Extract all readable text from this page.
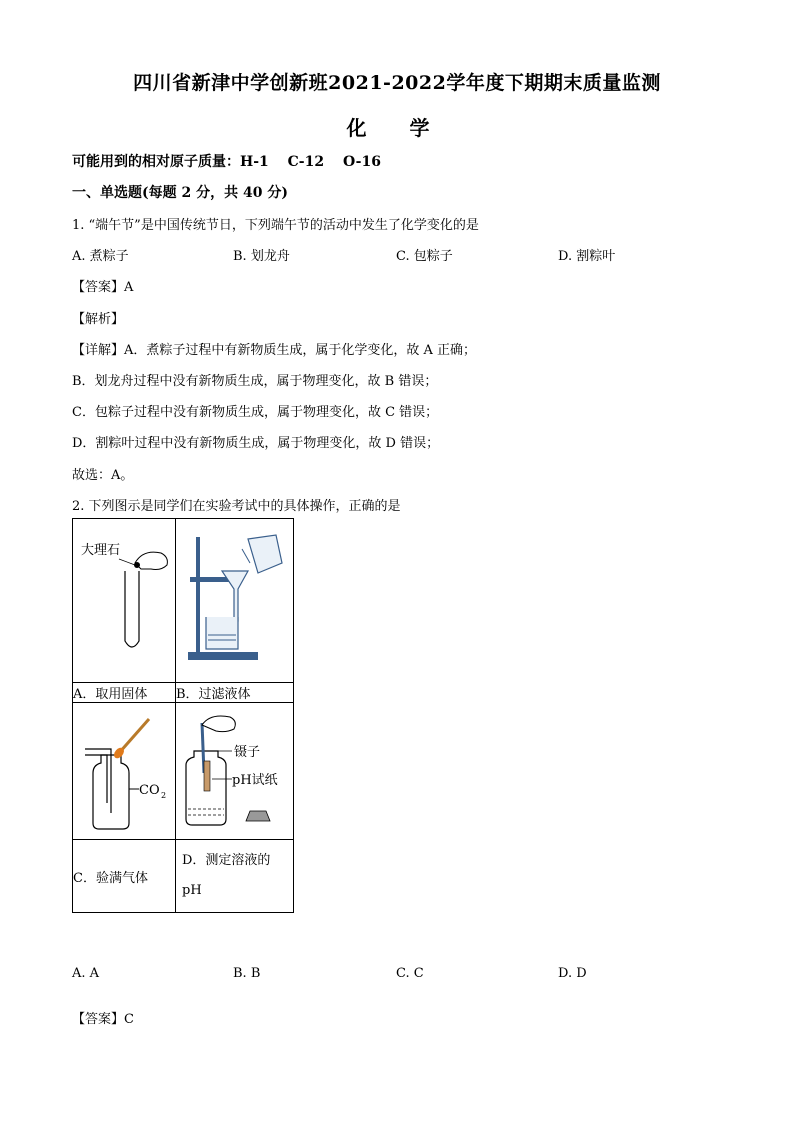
四川省新津中学创新班2021-2022学年度下期期末质量监测
化 学
可能用到的相对原子质量：H-1　 C-12　 O-16
一、单选题(每题 2 分，共 40 分)
1. “端午节”是中国传统节日，下列端午节的活动中发生了化学变化的是
A. 煮粽子	B. 划龙舟	C. 包粽子	D. 割粽叶
【答案】A
【解析】
【详解】A．煮粽子过程中有新物质生成，属于化学变化，故 A 正确；
B．划龙舟过程中没有新物质生成，属于物理变化，故 B 错误；
C．包粽子过程中没有新物质生成，属于物理变化，故 C 错误；
D．割粽叶过程中没有新物质生成，属于物理变化，故 D 错误；
故选：A。
2. 下列图示是同学们在实验考试中的具体操作，正确的是
大理石

A．取用固体	B．过滤液体

CO 2	镊子
pH试纸

C．验满气体	D．测定溶液的
pH
A. A	B. B	C. C	D. D
【答案】C
